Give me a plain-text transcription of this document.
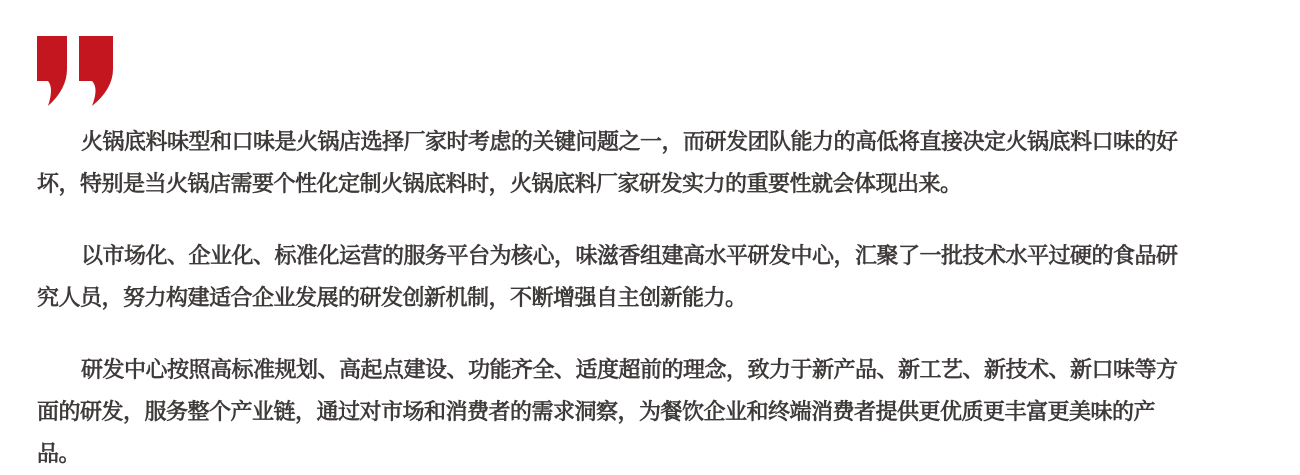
火锅底料味型和口味是火锅店选择厂家时考虑的关键问题之一，而研发团队能力的高低将直接决定火锅底料口味的好
坏，特别是当火锅店需要个性化定制火锅底料时，火锅底料厂家研发实力的重要性就会体现出来。

以市场化、企业化、标准化运营的服务平台为核心，味滋香组建高水平研发中心，汇聚了一批技术水平过硬的食品研
究人员，努力构建适合企业发展的研发创新机制，不断增强自主创新能力。

研发中心按照高标准规划、高起点建设、功能齐全、适度超前的理念，致力于新产品、新工艺、新技术、新口味等方
面的研发，服务整个产业链，通过对市场和消费者的需求洞察，为餐饮企业和终端消费者提供更优质更丰富更美味的产
品。
